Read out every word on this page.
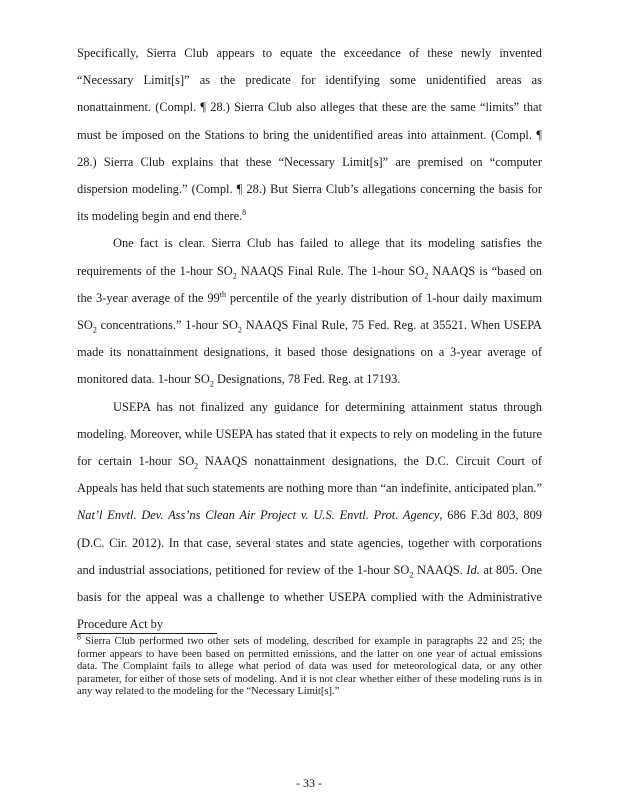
Specifically, Sierra Club appears to equate the exceedance of these newly invented “Necessary Limit[s]” as the predicate for identifying some unidentified areas as nonattainment. (Compl. ¶ 28.) Sierra Club also alleges that these are the same “limits” that must be imposed on the Stations to bring the unidentified areas into attainment. (Compl. ¶ 28.) Sierra Club explains that these “Necessary Limit[s]” are premised on “computer dispersion modeling.” (Compl. ¶ 28.) But Sierra Club’s allegations concerning the basis for its modeling begin and end there.$^8$

One fact is clear. Sierra Club has failed to allege that its modeling satisfies the requirements of the 1-hour $SO_2$ NAAQS Final Rule. The 1-hour $SO_2$ NAAQS is “based on the 3-year average of the 99th percentile of the yearly distribution of 1-hour daily maximum $SO_2$ concentrations.” 1-hour $SO_2$ NAAQS Final Rule, 75 Fed. Reg. at 35521. When USEPA made its nonattainment designations, it based those designations on a 3-year average of monitored data. 1-hour $SO_2$ Designations, 78 Fed. Reg. at 17193.

USEPA has not finalized any guidance for determining attainment status through modeling. Moreover, while USEPA has stated that it expects to rely on modeling in the future for certain 1-hour $SO_2$ NAAQS nonattainment designations, the D.C. Circuit Court of Appeals has held that such statements are nothing more than “an indefinite, anticipated plan.” Nat’l Envtl. Dev. Ass’ns Clean Air Project v. U.S. Envtl. Prot. Agency, 686 F.3d 803, 809 (D.C. Cir. 2012). In that case, several states and state agencies, together with corporations and industrial associations, petitioned for review of the 1-hour $SO_2$ NAAQS. Id. at 805. One basis for the appeal was a challenge to whether USEPA complied with the Administrative Procedure Act by

$^8$ Sierra Club performed two other sets of modeling, described for example in paragraphs 22 and 25; the former appears to have been based on permitted emissions, and the latter on one year of actual emissions data. The Complaint fails to allege what period of data was used for meteorological data, or any other parameter, for either of those sets of modeling. And it is not clear whether either of these modeling runs is in any way related to the modeling for the “Necessary Limit[s].”

- 33 -
